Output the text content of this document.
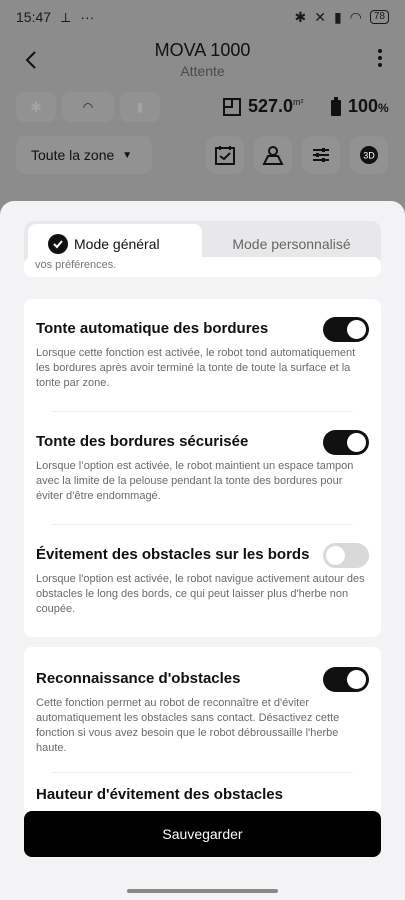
15:47 ⟂ ···	✱ ✕ ▮ ◠	78
MOVA 1000
Attente
✱	◠	▮	$527.0^{m^2}$ 100%
Toute la zone ▼	3D
Mode général	Mode personnalisé
vos préférences.
Tonte automatique des bordures

Lorsque cette fonction est activée, le robot tond automatiquement les bordures après avoir terminé la tonte de toute la surface et la tonte par zone.

Tonte des bordures sécurisée

Lorsque l’option est activée, le robot maintient un espace tampon avec la limite de la pelouse pendant la tonte des bordures pour éviter d’être endommagé.

Évitement des obstacles sur les bords

Lorsque l'option est activée, le robot navigue activement autour des obstacles le long des bords, ce qui peut laisser plus d'herbe non coupée.

Reconnaissance d'obstacles

Cette fonction permet au robot de reconnaître et d'éviter automatiquement les obstacles sans contact. Désactivez cette fonction si vous avez besoin que le robot débroussaille l'herbe haute.

Hauteur d'évitement des obstacles
Sauvegarder
